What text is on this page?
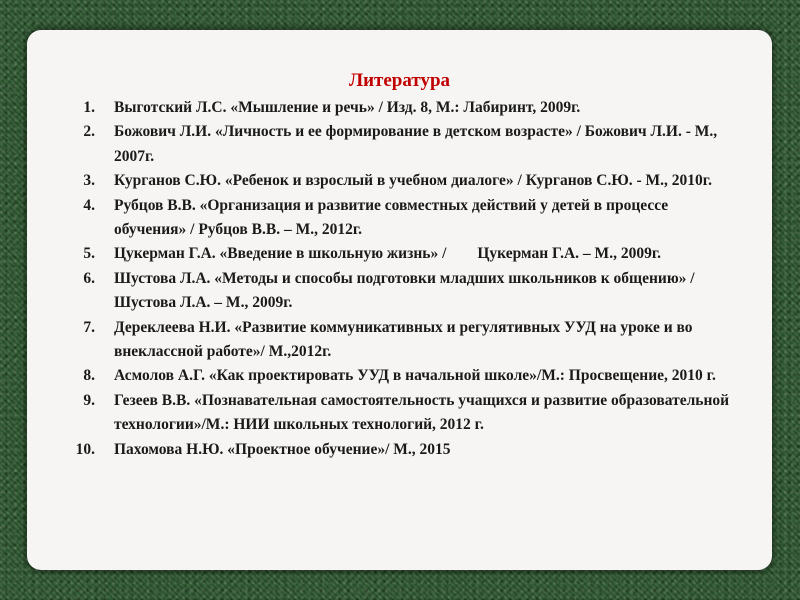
Литература
1. Выготский Л.С. «Мышление и речь» / Изд. 8, М.: Лабиринт, 2009г.
2. Божович Л.И. «Личность и ее формирование в детском возрасте» / Божович Л.И. - М., 2007г.
3. Курганов С.Ю. «Ребенок и взрослый в учебном диалоге» / Курганов С.Ю. - М., 2010г.
4. Рубцов В.В. «Организация и развитие совместных действий у детей в процессе обучения» / Рубцов В.В. – М., 2012г.
5. Цукерман Г.А. «Введение в школьную жизнь» /        Цукерман Г.А. – М., 2009г.
6. Шустова Л.А. «Методы и способы подготовки младших школьников к общению» / Шустова Л.А. – М., 2009г.
7. Дереклеева Н.И. «Развитие коммуникативных и регулятивных УУД на уроке и во внеклассной работе»/ М.,2012г.
8. Асмолов А.Г. «Как проектировать УУД в начальной школе»/М.: Просвещение, 2010 г.
9. Гезеев В.В. «Познавательная самостоятельность учащихся и развитие образовательной технологии»/М.: НИИ школьных технологий, 2012 г.
10. Пахомова Н.Ю. «Проектное обучение»/ М., 2015
